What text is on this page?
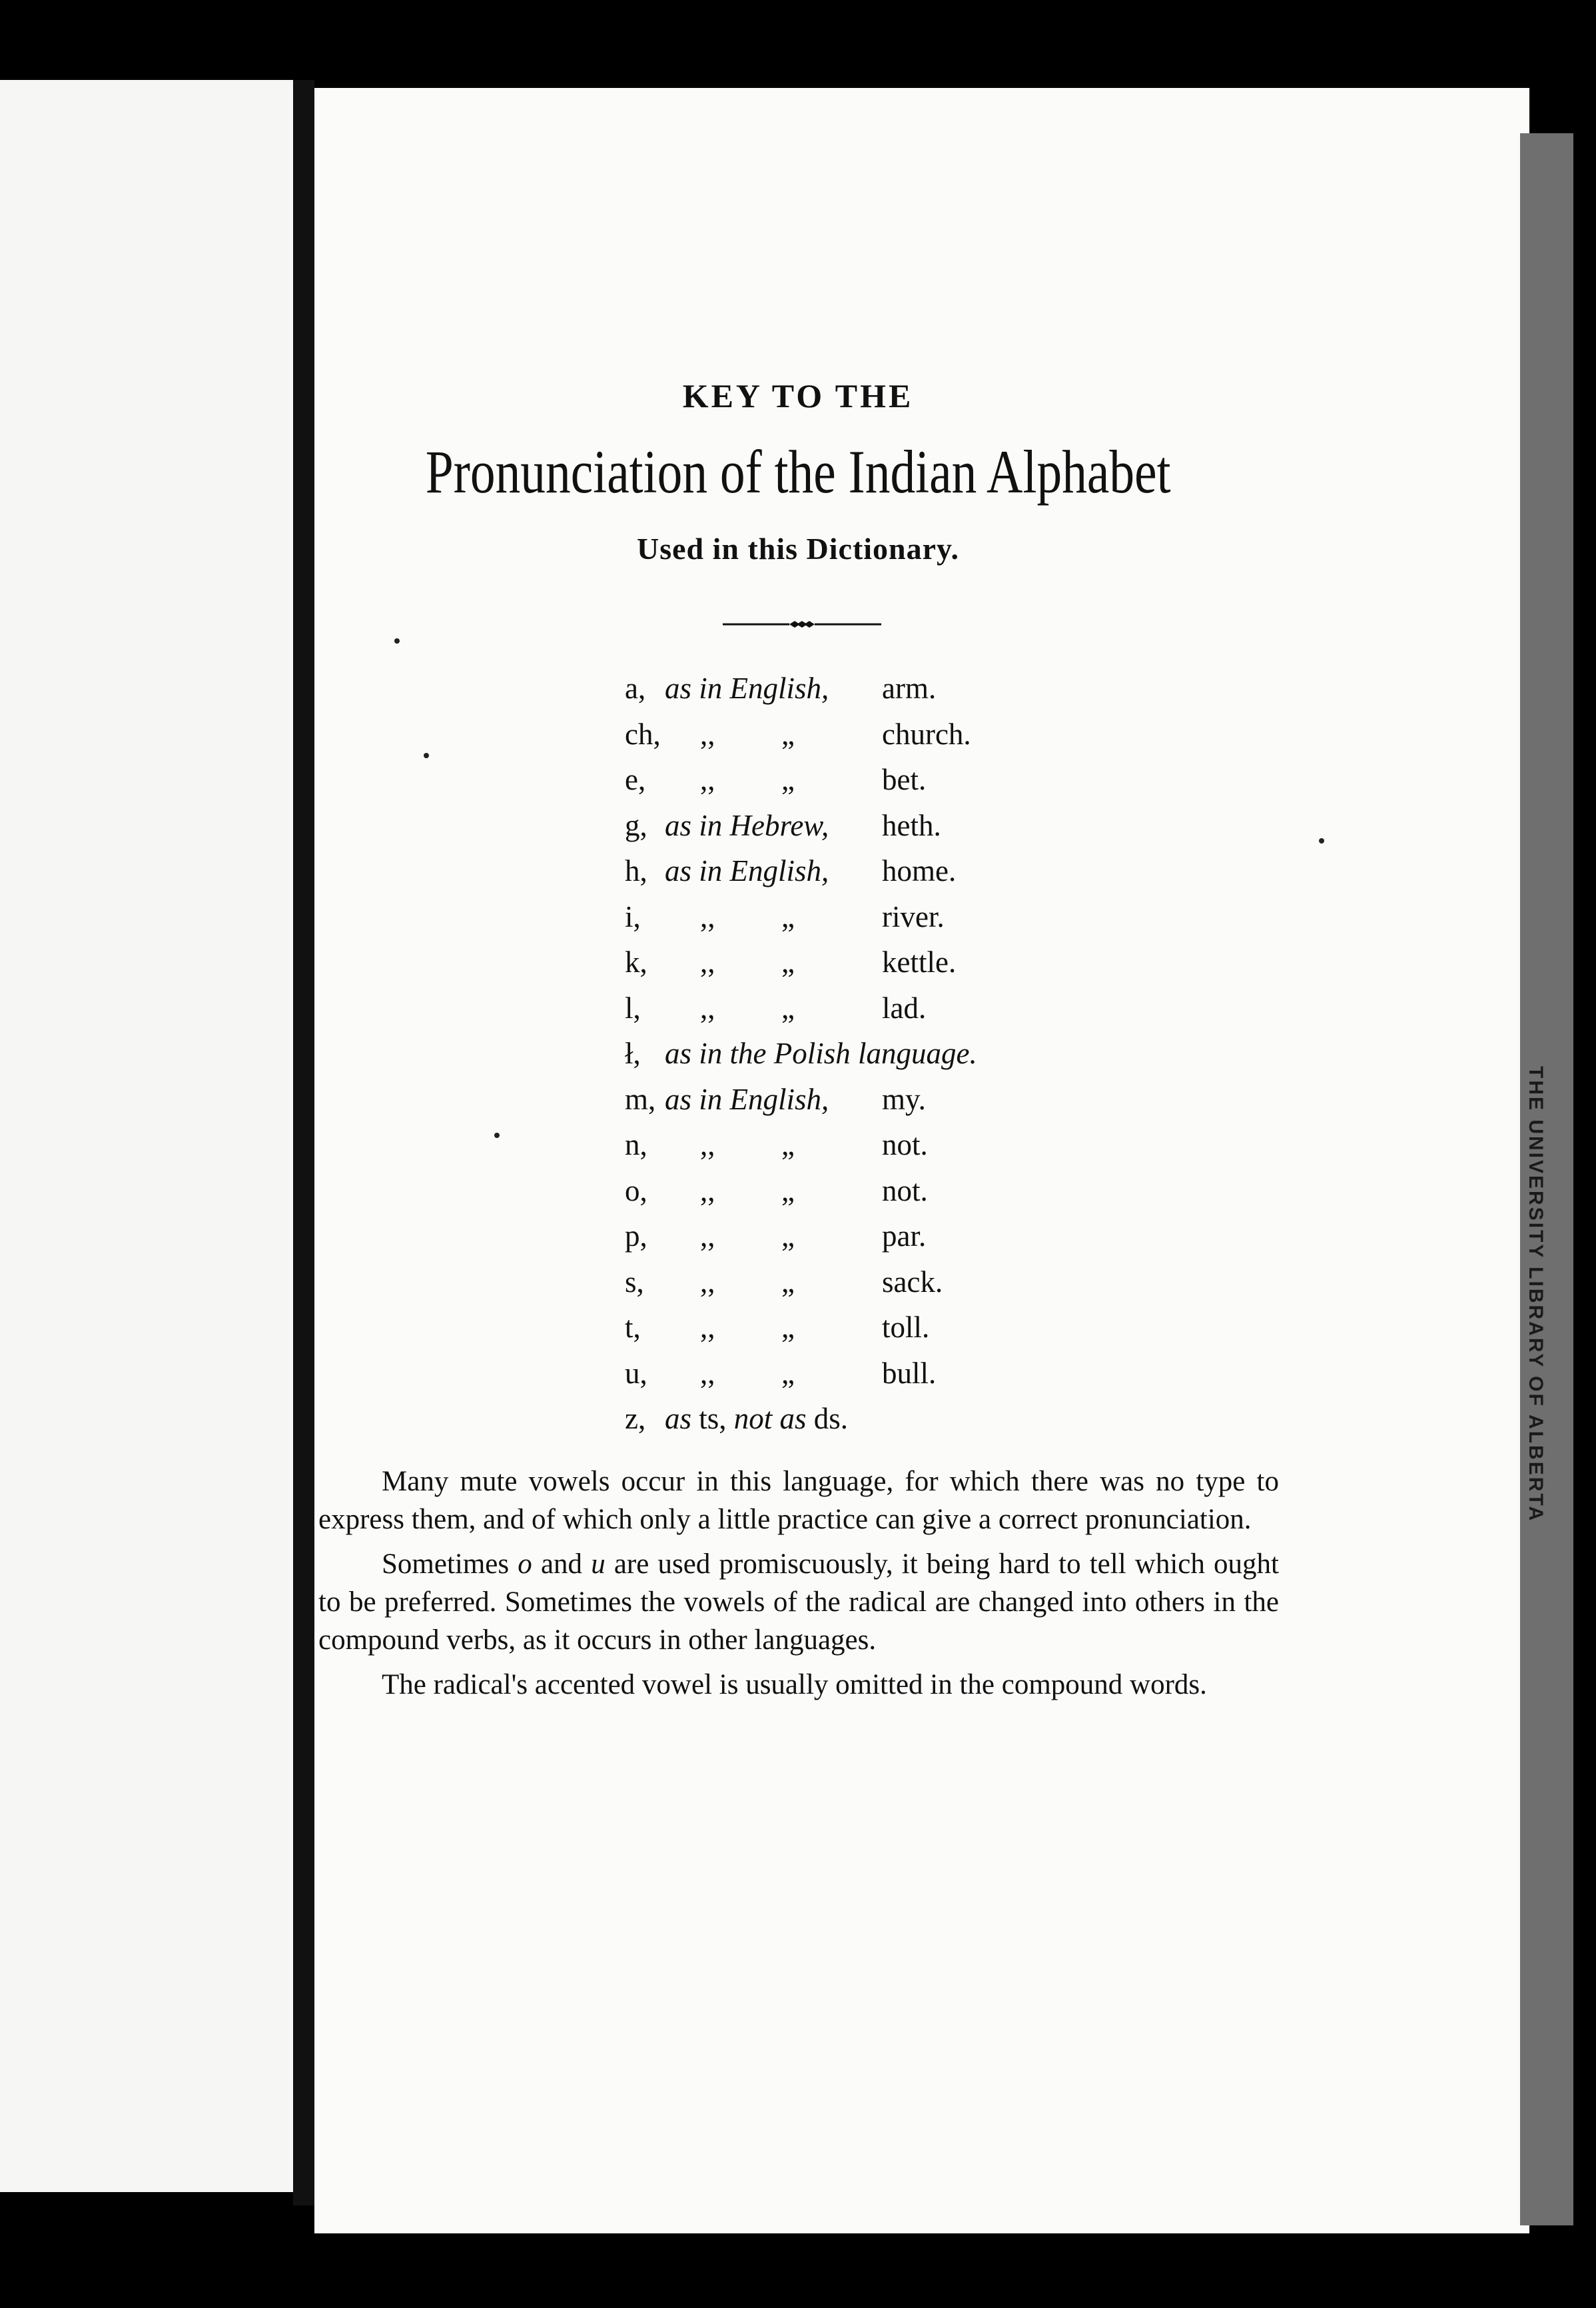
THE UNIVERSITY LIBRARY OF ALBERTA
KEY TO THE
Pronunciation of the Indian Alphabet
Used in this Dictionary.
a, as in English, arm.
ch, ,, „	church.
e, ,, „	bet.
g, as in Hebrew, heth.
h, as in English, home.
i, ,, „	river.
k, ,, „	kettle.
l, ,, „	lad.
ł, as in the Polish language.
m, as in English, my.
n, ,, „	not.
o, ,, „	not.
p, ,, „	par.
s, ,, „	sack.
t, ,, „	toll.
u, ,, „	bull.
z, as ts, not as ds.

Many mute vowels occur in this language, for which there was no type to express them, and of which only a little practice can give a correct pronunciation.

Sometimes o and u are used promiscuously, it being hard to tell which ought to be preferred. Sometimes the vowels of the radical are changed into others in the compound verbs, as it occurs in other languages.

The radical's accented vowel is usually omitted in the compound words.
